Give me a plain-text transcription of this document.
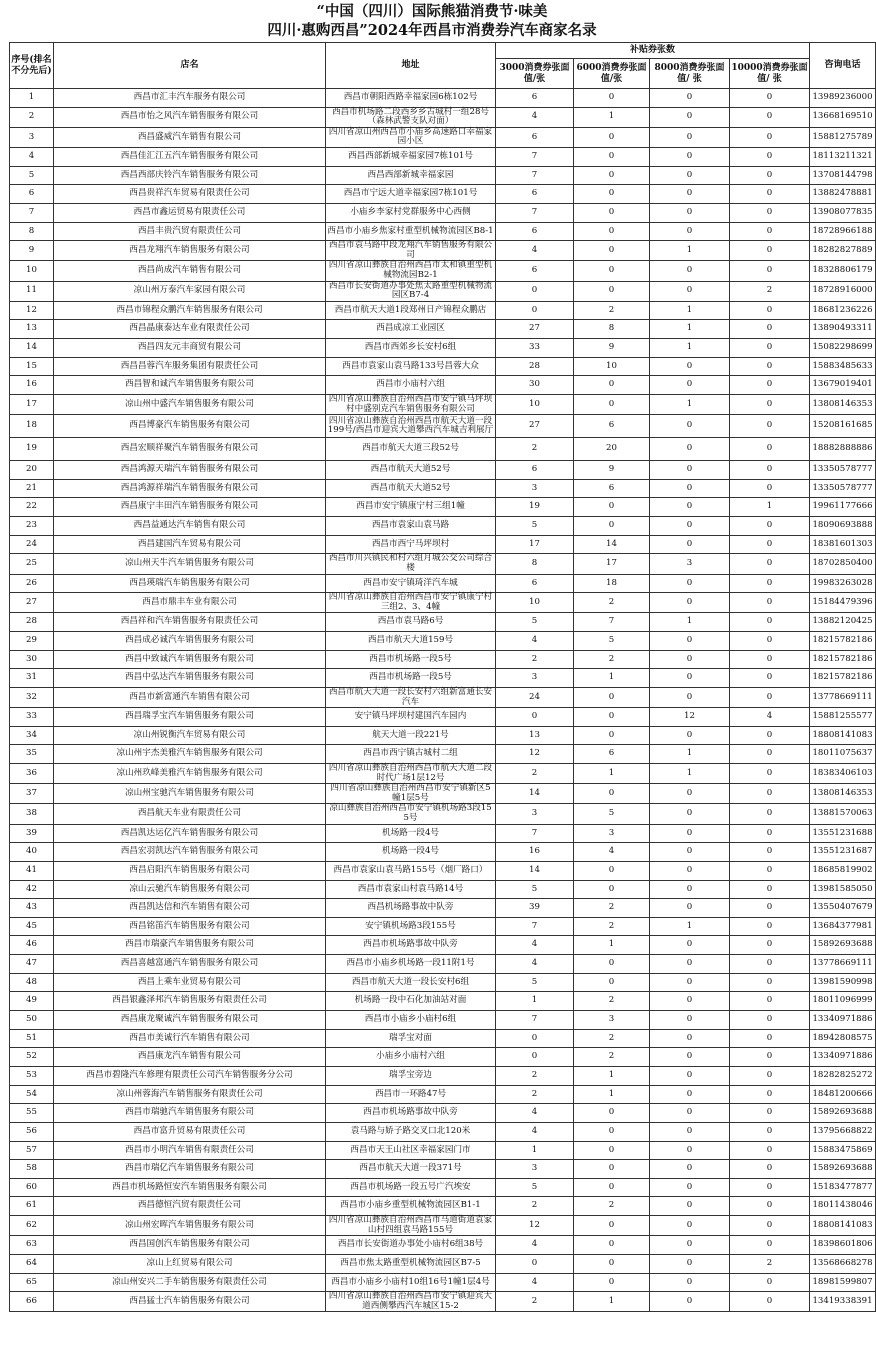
“中国（四川）国际熊猫消费节·味美
四川·惠购西昌”2024年西昌市消费券汽车商家名录
序号(排名不分先后)	店名	地址	补贴券张数				咨询电话
			3000消费券张面值/张	6000消费券张面值/张	8000消费券张面值/ 张	10000消费券张面值/ 张	
1	西昌市汇丰汽车服务有限公司	西昌市朝阳西路幸福家园6栋102号	6	0	0	0	13989236000
2	西昌市怡之风汽车销售服务有限公司	西昌市机场路二段西乡乡古城村一组28号（森林武警支队对面）	4	1	0	0	13668169510
3	西昌盛威汽车销售有限公司	四川省凉山州西昌市小庙乡高速路口幸福家园小区	6	0	0	0	15881275789
4	西昌佳汇江五汽车销售服务有限公司	西昌西部新城幸福家园7栋101号	7	0	0	0	18113211321
5	西昌西部庆铃汽车销售服务有限公司	西昌西部新城幸福家园	7	0	0	0	13708144798
6	西昌贵祥汽车贸易有限责任公司	西昌市宁远大道幸福家园7栋101号	6	0	0	0	13882478881
7	西昌市鑫运贸易有限责任公司	小庙乡李家村党群服务中心西侧	7	0	0	0	13908077835
8	西昌丰贵汽贸有限责任公司	西昌市小庙乡焦家村重型机械物流园区B8-1	6	0	0	0	18728966188
9	西昌龙翔汽车销售服务有限公司	西昌市袁马路中段龙翔汽车销售服务有限公司	4	0	1	0	18282827889
10	西昌尚成汽车销售有限公司	四川省凉山彝族自治州西昌市太和镇重型机械物流园B2-1	6	0	0	0	18328806179
11	凉山州万泰汽车家园有限公司	西昌市长安街道办事处焦太路重型机械物流园区B7-4	0	0	0	2	18728916000
12	西昌市锦程众鹏汽车销售服务有限公司	西昌市航天大道1段郑州日产锦程众鹏店	0	2	1	0	18681236226
13	西昌晶康泰达车业有限责任公司	西昌成凉工业园区	27	8	1	0	13890493311
14	西昌四友元丰商贸有限公司	西昌市西郊乡长安村6组	33	9	1	0	15082298699
15	西昌昌蓉汽车服务集团有限责任公司	西昌市袁家山袁马路133号昌蓉大众	28	10	0	0	15883485633
16	西昌智和诚汽车销售服务有限公司	西昌市小庙村六组	30	0	0	0	13679019401
17	凉山州中盛汽车销售服务有限公司	四川省凉山彝族自治州西昌市安宁镇马坪坝村中盛别克汽车销售服务有限公司	10	0	1	0	13808146353
18	西昌博豪汽车销售服务有限公司	四川省凉山彝族自治州西昌市航天大道一段199号/西昌市迎宾大道攀西汽车城吉利展厅	27	6	0	0	15208161685
19	西昌宏顺祥聚汽车销售服务有限公司	西昌市航天大道三段52号	2	20	0	0	18882888886
20	西昌鸿源天瑞汽车销售服务有限公司	西昌市航天大道52号	6	9	0	0	13350578777
21	西昌鸿源祥瑞汽车销售服务有限公司	西昌市航天大道52号	3	6	0	0	13350578777
22	西昌康宁丰田汽车销售服务有限公司	西昌市安宁镇康宁村三组1幢	19	0	0	1	19961177666
23	西昌益通达汽车销售有限公司	西昌市袁家山袁马路	5	0	0	0	18090693888
24	西昌建国汽车贸易有限公司	西昌市西宁马坪坝村	17	14	0	0	18381601303
25	凉山州天牛汽车销售服务有限公司	西昌市川兴镇民和村六组月城公交公司综合楼	8	17	3	0	18702850400
26	西昌瑛瑞汽车销售服务有限公司	西昌市安宁镇琦洋汽车城	6	18	0	0	19983263028
27	西昌市鼎丰车业有限公司	四川省凉山彝族自治州西昌市安宁镇康宁村三组2、3、4幢	10	2	0	0	15184479396
28	西昌祥和汽车销售服务有限责任公司	西昌市袁马路6号	5	7	1	0	13882120425
29	西昌成必诚汽车销售服务有限公司	西昌市航天大道159号	4	5	0	0	18215782186
30	西昌中致诚汽车销售服务有限公司	西昌市机场路一段5号	2	2	0	0	18215782186
31	西昌中弘达汽车销售服务有限公司	西昌市机场路一段5号	3	1	0	0	18215782186
32	西昌市新富通汽车销售有限公司	西昌市航天大道一段长安村六组新富通长安汽车	24	0	0	0	13778669111
33	西昌瑞孚宝汽车销售服务有限公司	安宁镇马坪坝村建国汽车园内	0	0	12	4	15881255577
34	凉山州锐衡汽车贸易有限公司	航天大道一段221号	13	0	0	0	18808141083
35	凉山州宇杰美雅汽车销售服务有限公司	西昌市西宁镇古城村二组	12	6	1	0	18011075637
36	凉山州玖峰美雅汽车销售服务有限公司	四川省凉山彝族自治州西昌市航天大道二段时代广场1层12号	2	1	1	0	18383406103
37	凉山州宝驰汽车销售服务有限公司	四川省凉山彝族自治州西昌市安宁镇新区5幢1层5号	14	0	0	0	13808146353
38	西昌航天车业有限责任公司	凉山彝族自治州西昌市安宁镇机场路3段155号	3	5	0	0	13881570063
39	西昌凯达运亿汽车销售服务有限公司	机场路一段4号	7	3	0	0	13551231688
40	西昌宏羽凯达汽车销售服务有限公司	机场路一段4号	16	4	0	0	13551231687
41	西昌启阳汽车销售服务有限公司	西昌市袁家山袁马路155号（烟厂路口）	14	0	0	0	18685819902
42	凉山云驰汽车销售服务有限公司	西昌市袁家山村袁马路14号	5	0	0	0	13981585050
43	西昌凯达信和汽车销售有限公司	西昌机场路事故中队旁	39	2	0	0	13550407679
45	西昌铭笛汽车销售服务有限公司	安宁镇机场路3段155号	7	2	1	0	13684377981
46	西昌市瑞豪汽车销售服务有限公司	西昌市机场路事故中队旁	4	1	0	0	15892693688
47	西昌喜越富通汽车销售服务有限公司	西昌市小庙乡机场路一段11附1号	4	0	0	0	13778669111
48	西昌上乘车业贸易有限公司	西昌市航天大道一段长安村6组	5	0	0	0	13981590998
49	西昌银鑫泽邦汽车销售服务有限责任公司	机场路一段中石化加油站对面	1	2	0	0	18011096999
50	西昌康龙聚诚汽车销售服务有限公司	西昌市小庙乡小庙村6组	7	3	0	0	13340971886
51	西昌市美诚行汽车销售有限公司	瑞孚宝对面	0	2	0	0	18942808575
52	西昌康龙汽车销售有限公司	小庙乡小庙村六组	0	2	0	0	13340971886
53	西昌市碧隆汽车修理有限责任公司汽车销售服务分公司	瑞孚宝旁边	2	1	0	0	18282825272
54	凉山州蓉海汽车销售服务有限责任公司	西昌市一环路47号	2	1	0	0	18481200666
55	西昌市瑞驰汽车销售服务有限公司	西昌市机场路事故中队旁	4	0	0	0	15892693688
56	西昌市富升贸易有限责任公司	袁马路与娇子路交叉口北120米	4	0	0	0	13795668822
57	西昌市小明汽车销售有限责任公司	西昌市天王山社区幸福家园门市	1	0	0	0	15883475869
58	西昌市瑞亿汽车销售服务有限公司	西昌市航天大道一段371号	3	0	0	0	15892693688
60	西昌市机场路恒安汽车销售服务有限公司	西昌市机场路一段五号广汽埃安	5	0	0	0	15183477877
61	西昌德恒汽贸有限责任公司	西昌市小庙乡重型机械物流园区B1-1	2	2	0	0	18011438046
62	凉山州宏晖汽车销售服务有限公司	四川省凉山彝族自治州西昌市马道街道袁家山村四组袁马路155号	12	0	0	0	18808141083
63	西昌国创汽车销售服务有限公司	西昌市长安街道办事处小庙村6组38号	4	0	0	0	18398601806
64	凉山上红贸易有限公司	西昌市焦太路重型机械物流园区B7-5	0	0	0	2	13568668278
65	凉山州安兴二手车销售服务有限责任公司	西昌市小庙乡小庙村10组16号1幢1层4号	4	0	0	0	18981599807
66	西昌猛士汽车销售服务有限公司	四川省凉山彝族自治州西昌市安宁镇迎宾大道西侧攀西汽车城区15-2	2	1	0	0	13419338391
